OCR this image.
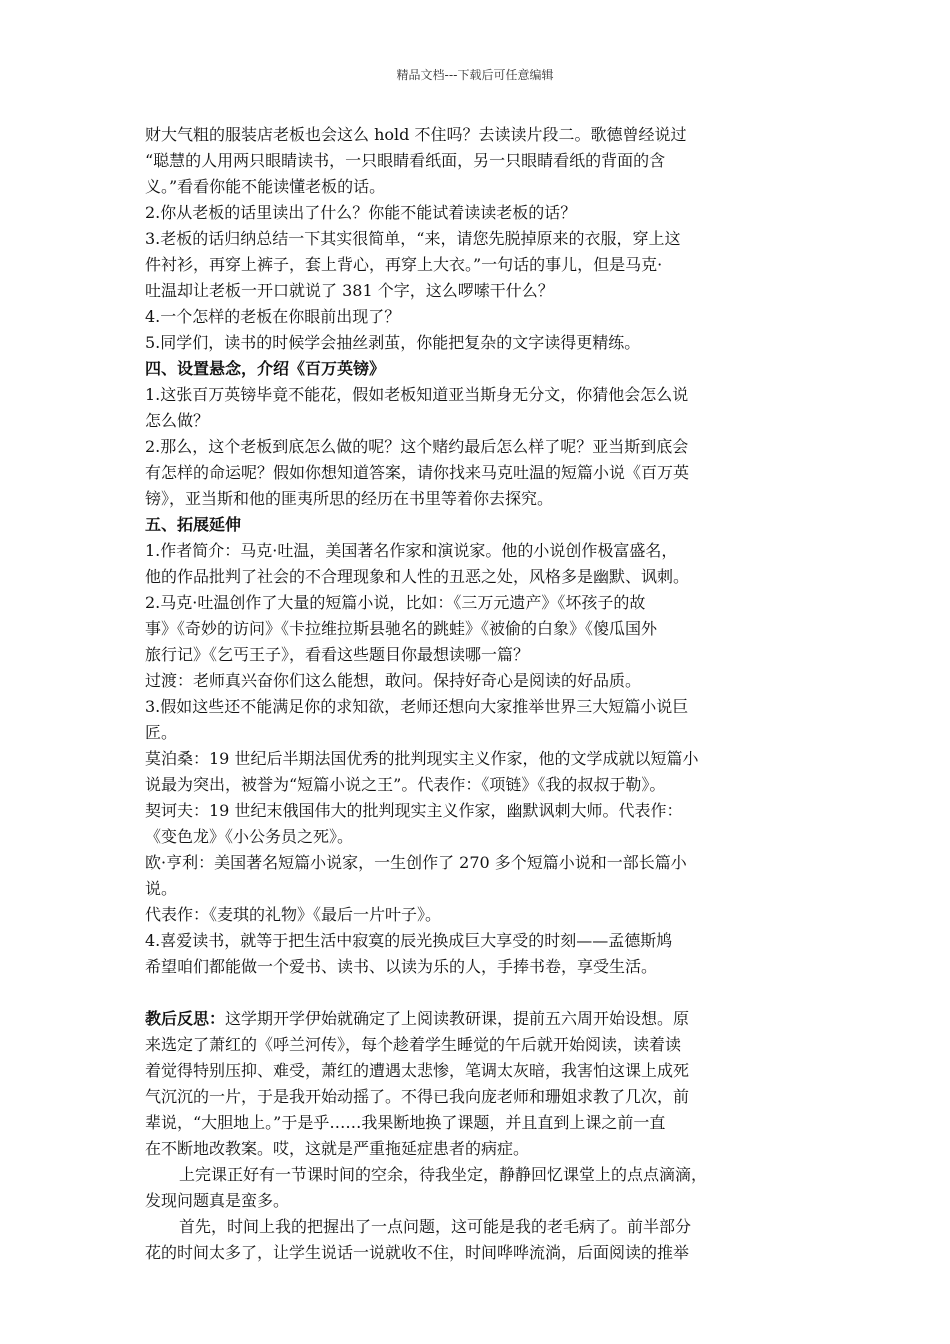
精品文档---下载后可任意编辑
财大气粗的服装店老板也会这么 hold 不住吗？去读读片段二。歌德曾经说过
“聪慧的人用两只眼睛读书，一只眼睛看纸面，另一只眼睛看纸的背面的含
义。”看看你能不能读懂老板的话。
2.你从老板的话里读出了什么？你能不能试着读读老板的话？
3.老板的话归纳总结一下其实很简单，“来，请您先脱掉原来的衣服，穿上这
件衬衫，再穿上裤子，套上背心，再穿上大衣。”一句话的事儿，但是马克·
吐温却让老板一开口就说了 381 个字，这么啰嗦干什么？
4.一个怎样的老板在你眼前出现了？
5.同学们，读书的时候学会抽丝剥茧，你能把复杂的文字读得更精练。
四、设置悬念，介绍《百万英镑》
1.这张百万英镑毕竟不能花，假如老板知道亚当斯身无分文，你猜他会怎么说
怎么做？
2.那么，这个老板到底怎么做的呢？这个赌约最后怎么样了呢？亚当斯到底会
有怎样的命运呢？假如你想知道答案，请你找来马克吐温的短篇小说《百万英
镑》，亚当斯和他的匪夷所思的经历在书里等着你去探究。
五、拓展延伸
1.作者简介：马克·吐温，美国著名作家和演说家。他的小说创作极富盛名，
他的作品批判了社会的不合理现象和人性的丑恶之处，风格多是幽默、讽刺。
2.马克·吐温创作了大量的短篇小说，比如：《三万元遗产》《坏孩子的故
事》《奇妙的访问》《卡拉维拉斯县驰名的跳蛙》《被偷的白象》《傻瓜国外
旅行记》《乞丐王子》，看看这些题目你最想读哪一篇？
过渡：老师真兴奋你们这么能想，敢问。保持好奇心是阅读的好品质。
3.假如这些还不能满足你的求知欲，老师还想向大家推举世界三大短篇小说巨
匠。
莫泊桑：19 世纪后半期法国优秀的批判现实主义作家，他的文学成就以短篇小
说最为突出，被誉为“短篇小说之王”。代表作：《项链》《我的叔叔于勒》。
契诃夫：19 世纪末俄国伟大的批判现实主义作家，幽默讽刺大师。代表作：
《变色龙》《小公务员之死》。
欧·亨利：美国著名短篇小说家，一生创作了 270 多个短篇小说和一部长篇小
说。
代表作：《麦琪的礼物》《最后一片叶子》。
4.喜爱读书，就等于把生活中寂寞的辰光换成巨大享受的时刻——孟德斯鸠
希望咱们都能做一个爱书、读书、以读为乐的人，手捧书卷，享受生活。
教后反思：这学期开学伊始就确定了上阅读教研课，提前五六周开始设想。原
来选定了萧红的《呼兰河传》，每个趁着学生睡觉的午后就开始阅读，读着读
着觉得特别压抑、难受，萧红的遭遇太悲惨，笔调太灰暗，我害怕这课上成死
气沉沉的一片，于是我开始动摇了。不得已我向庞老师和珊姐求教了几次，前
辈说，“大胆地上。”于是乎……我果断地换了课题，并且直到上课之前一直
在不断地改教案。哎，这就是严重拖延症患者的病症。
上完课正好有一节课时间的空余，待我坐定，静静回忆课堂上的点点滴滴，
发现问题真是蛮多。
首先，时间上我的把握出了一点问题，这可能是我的老毛病了。前半部分
花的时间太多了，让学生说话一说就收不住，时间哗哗流淌，后面阅读的推举
